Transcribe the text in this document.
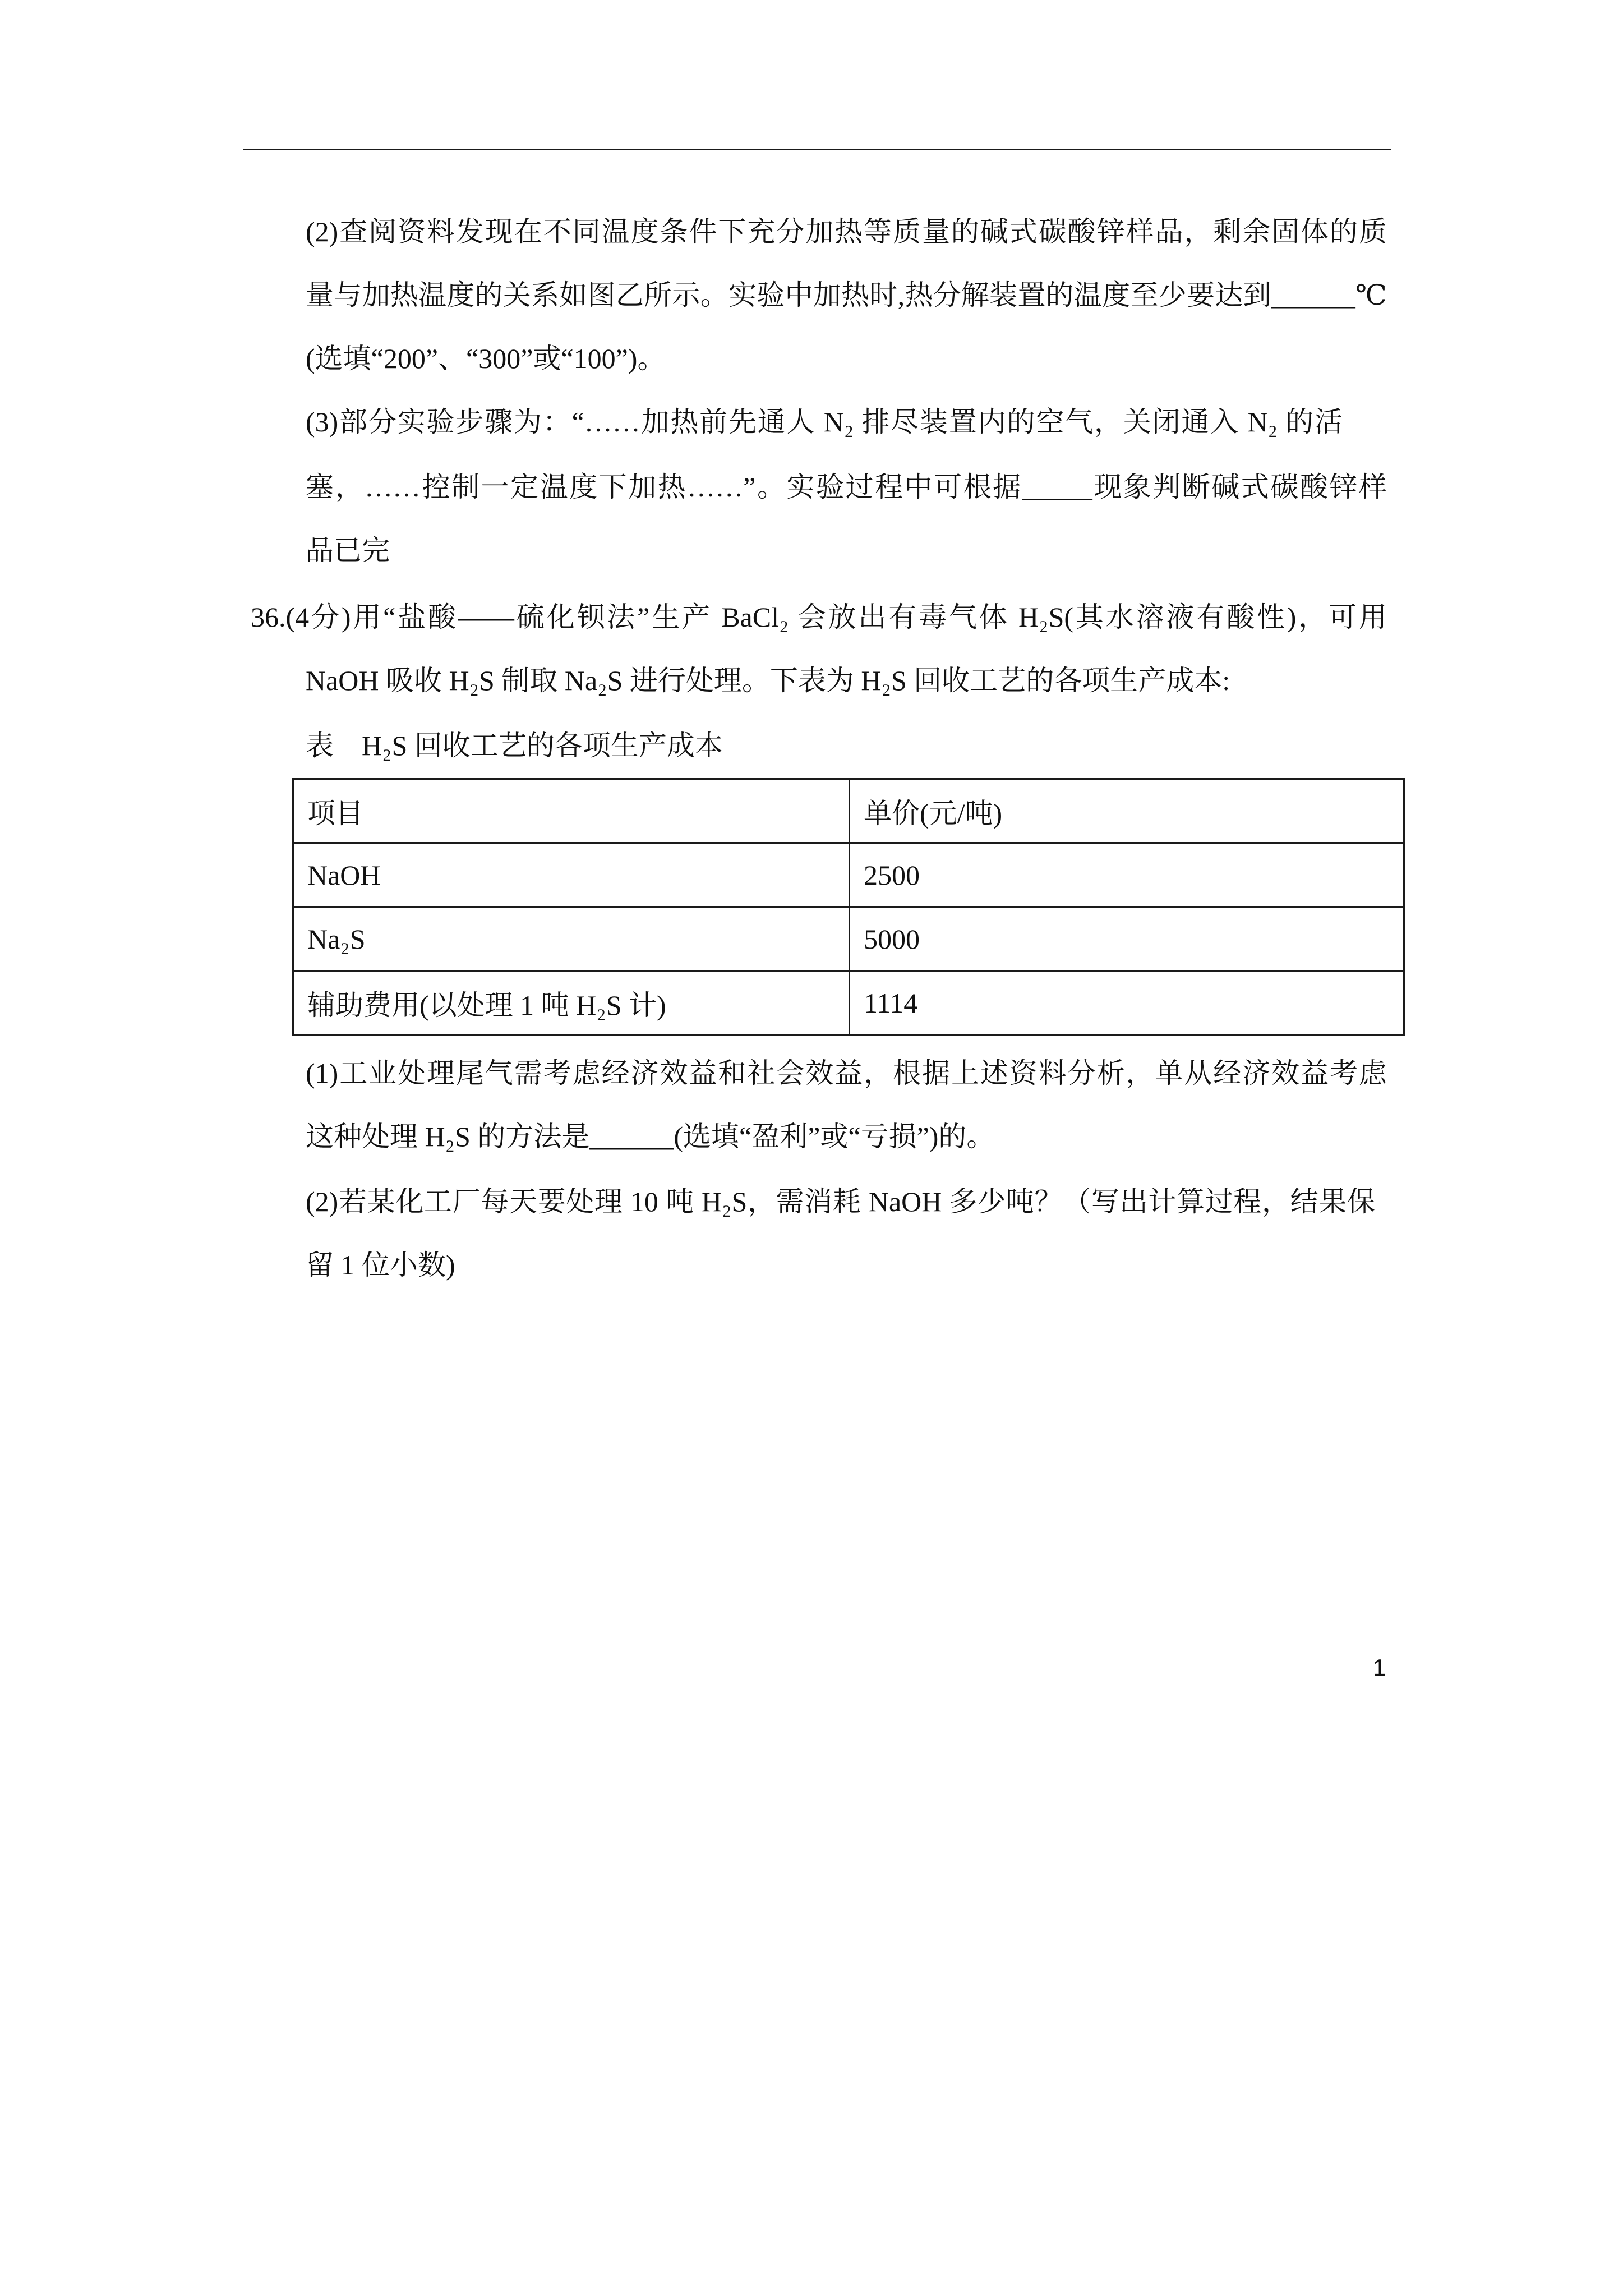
(2)查阅资料发现在不同温度条件下充分加热等质量的碱式碳酸锌样品，剩余固体的质
量与加热温度的关系如图乙所示。实验中加热时,热分解装置的温度至少要达到______℃
(选填“200”、“300”或“100”)。
(3)部分实验步骤为：“……加热前先通人 N₂ 排尽装置内的空气，关闭通入 N₂ 的活
塞，……控制一定温度下加热……”。实验过程中可根据_____现象判断碱式碳酸锌样
品已完
36.(4分)用“盐酸——硫化钡法”生产 BaCl₂ 会放出有毒气体 H₂S(其水溶液有酸性)，可用
NaOH 吸收 H₂S 制取 Na₂S 进行处理。下表为 H₂S 回收工艺的各项生产成本:
表　H₂S 回收工艺的各项生产成本
项目	单价(元/吨)
NaOH	2500
Na₂S	5000
辅助费用(以处理 1 吨 H₂S 计)	1114
(1)工业处理尾气需考虑经济效益和社会效益，根据上述资料分析，单从经济效益考虑
这种处理 H₂S 的方法是______(选填“盈利”或“亏损”)的。
(2)若某化工厂每天要处理 10 吨 H₂S，需消耗 NaOH 多少吨？（写出计算过程，结果保
留 1 位小数)
1
